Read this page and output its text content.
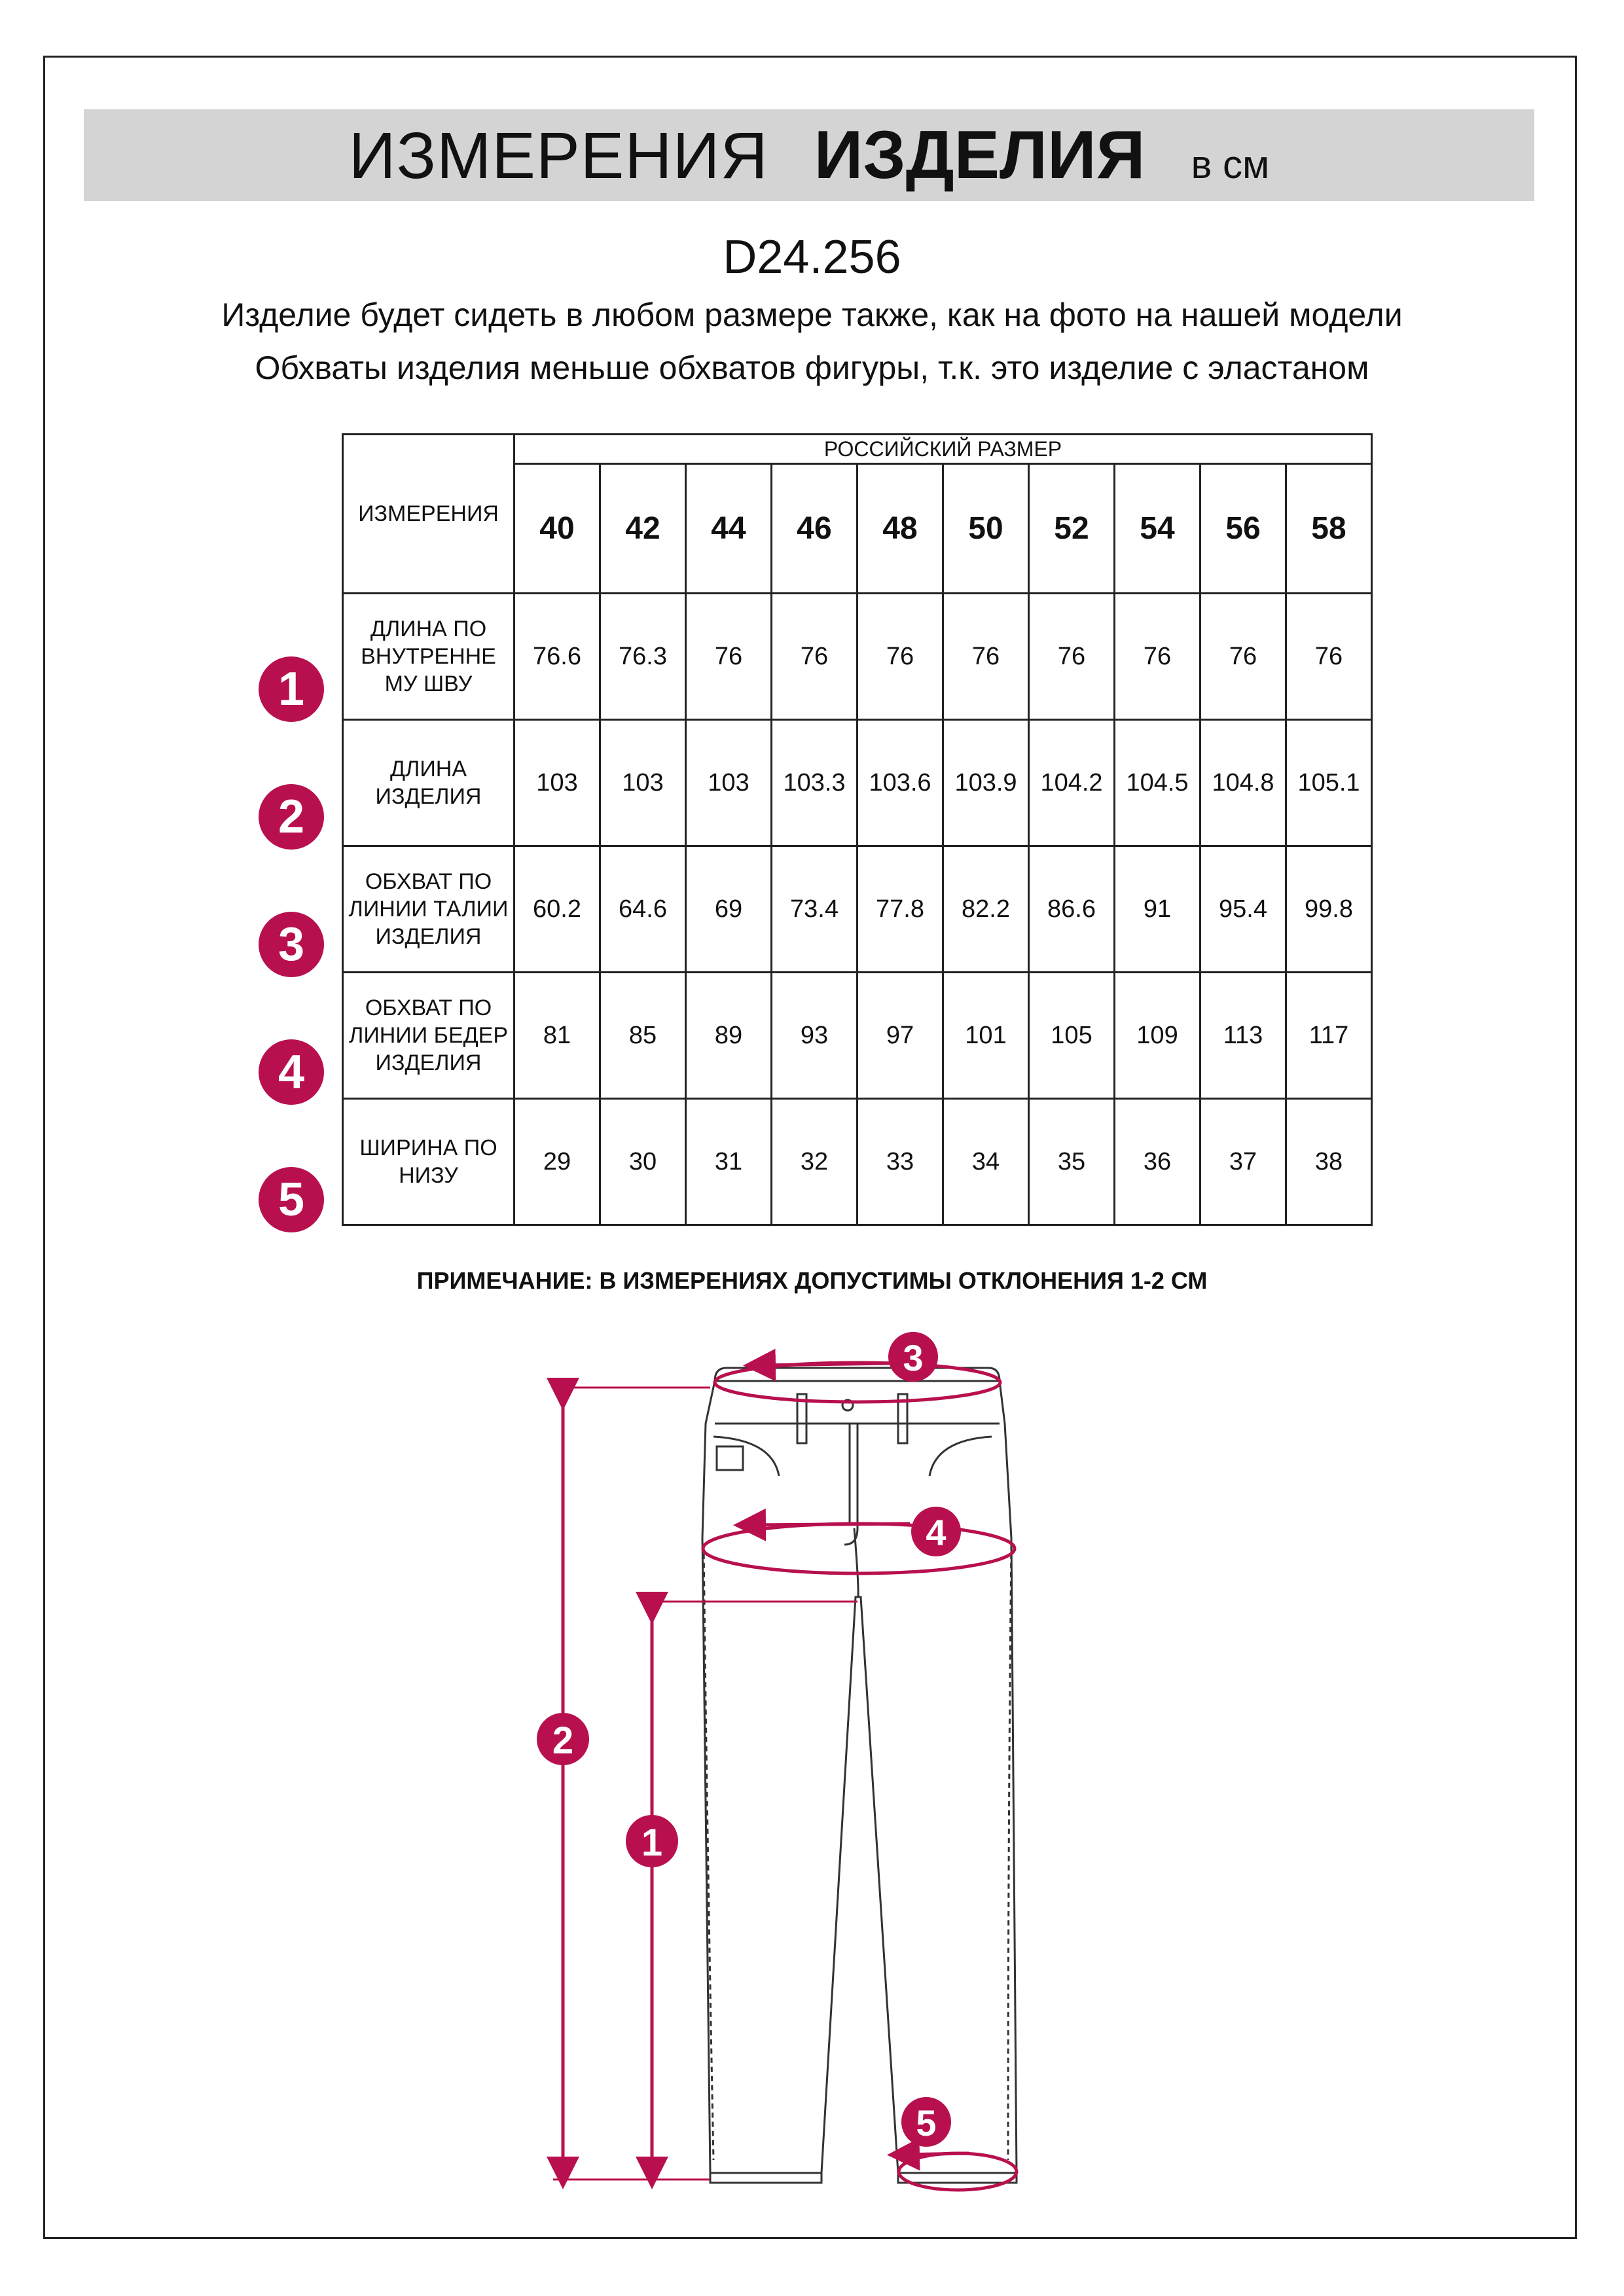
ИЗМЕРЕНИЯ ИЗДЕЛИЯ в см
D24.256
Изделие будет сидеть в любом размере также, как на фото на нашей модели
Обхваты изделия меньше обхватов фигуры, т.к. это изделие с эластаном
ИЗМЕРЕНИЯ	РОССИЙСКИЙ РАЗМЕР									
	40	42	44	46	48	50	52	54	56	58
ДЛИНА ПО ВНУТРЕННЕ МУ ШВУ	76.6	76.3	76	76	76	76	76	76	76	76
ДЛИНА ИЗДЕЛИЯ	103	103	103	103.3	103.6	103.9	104.2	104.5	104.8	105.1
ОБХВАТ ПО ЛИНИИ ТАЛИИ ИЗДЕЛИЯ	60.2	64.6	69	73.4	77.8	82.2	86.6	91	95.4	99.8
ОБХВАТ ПО ЛИНИИ БЕДЕР ИЗДЕЛИЯ	81	85	89	93	97	101	105	109	113	117
ШИРИНА ПО НИЗУ	29	30	31	32	33	34	35	36	37	38
1
2
3
4
5
ПРИМЕЧАНИЕ: В ИЗМЕРЕНИЯХ ДОПУСТИМЫ ОТКЛОНЕНИЯ 1-2 СМ
1
2
3
4
5
